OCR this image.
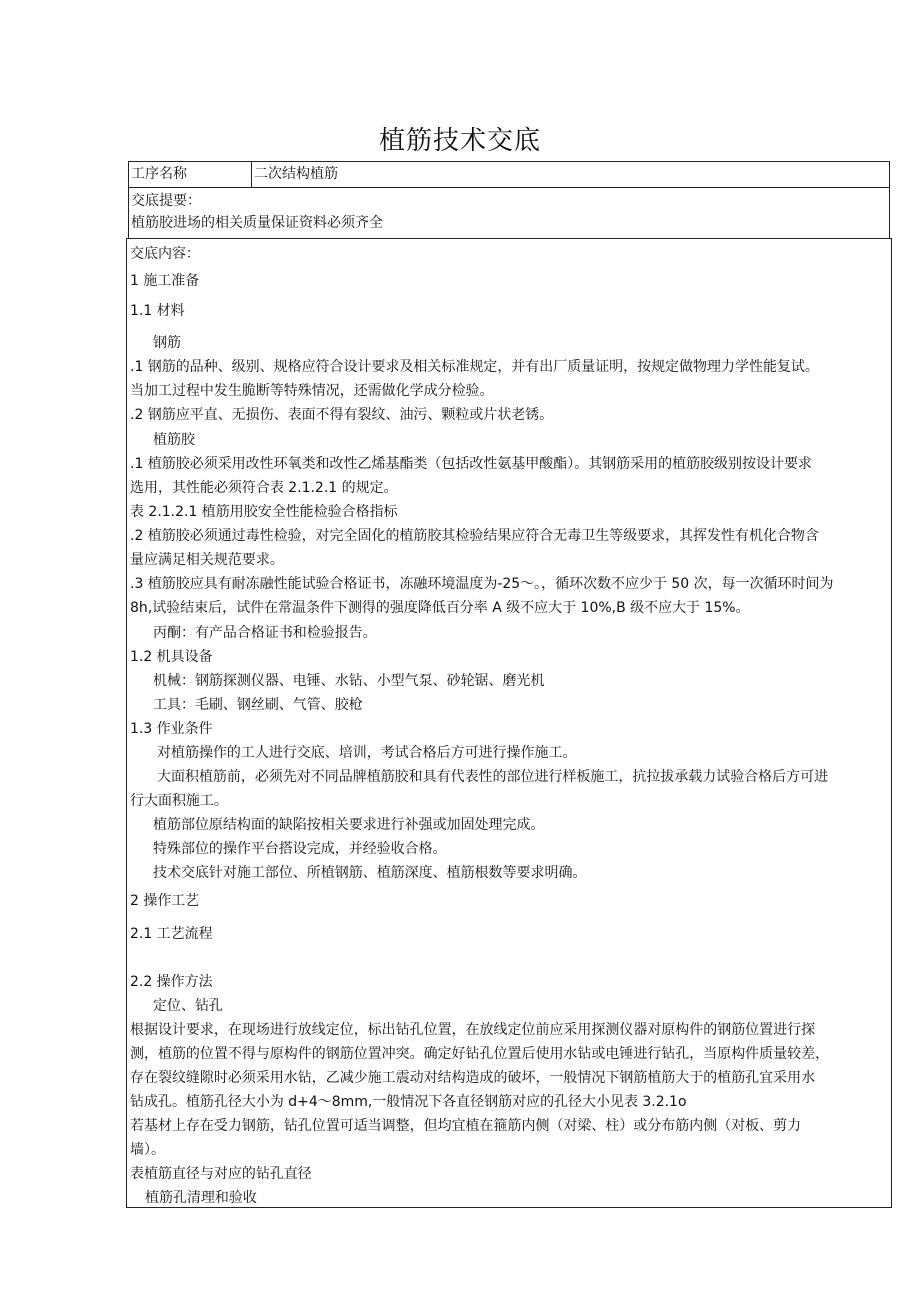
植筋技术交底
工序名称	二次结构植筋
交底提要：
植筋胶进场的相关质量保证资料必须齐全
交底内容：
1 施工准备
1.1 材料
钢筋
.1 钢筋的品种、级别、规格应符合设计要求及相关标准规定，并有出厂质量证明，按规定做物理力学性能复试。
当加工过程中发生脆断等特殊情况，还需做化学成分检验。
.2 钢筋应平直、无损伤、表面不得有裂纹、油污、颗粒或片状老锈。
植筋胶
.1 植筋胶必须采用改性环氧类和改性乙烯基酯类（包括改性氨基甲酸酯）。其钢筋采用的植筋胶级别按设计要求
选用，其性能必须符合表 2.1.2.1 的规定。
表 2.1.2.1 植筋用胶安全性能检验合格指标
.2 植筋胶必须通过毒性检验，对完全固化的植筋胶其检验结果应符合无毒卫生等级要求，其挥发性有机化合物含
量应满足相关规范要求。
.3 植筋胶应具有耐冻融性能试验合格证书，冻融环境温度为-25～。，循环次数不应少于 50 次，每一次循环时间为
8h,试验结束后，试件在常温条件下测得的强度降低百分率 A 级不应大于 10%,B 级不应大于 15%。
丙酮：有产品合格证书和检验报告。
1.2 机具设备
机械：钢筋探测仪器、电锤、水钻、小型气泵、砂轮锯、磨光机
工具：毛刷、钢丝刷、气管、胶枪
1.3 作业条件
对植筋操作的工人进行交底、培训，考试合格后方可进行操作施工。
大面积植筋前，必须先对不同品牌植筋胶和具有代表性的部位进行样板施工，抗拉拔承载力试验合格后方可进
行大面积施工。
植筋部位原结构面的缺陷按相关要求进行补强或加固处理完成。
特殊部位的操作平台搭设完成，并经验收合格。
技术交底针对施工部位、所植钢筋、植筋深度、植筋根数等要求明确。
2 操作工艺
2.1 工艺流程
2.2 操作方法
定位、钻孔
根据设计要求，在现场进行放线定位，标出钻孔位置，在放线定位前应采用探测仪器对原构件的钢筋位置进行探
测，植筋的位置不得与原构件的钢筋位置冲突。确定好钻孔位置后使用水钻或电锤进行钻孔，当原构件质量较差，
存在裂纹缝隙时必须采用水钻，乙减少施工震动对结构造成的破坏，一般情况下钢筋植筋大于的植筋孔宜采用水
钻成孔。植筋孔径大小为 d+4～8mm,一般情况下各直径钢筋对应的孔径大小见表 3.2.1o
若基材上存在受力钢筋，钻孔位置可适当调整，但均宜植在箍筋内侧（对梁、柱）或分布筋内侧（对板、剪力
墙）。
表植筋直径与对应的钻孔直径
植筋孔清理和验收
